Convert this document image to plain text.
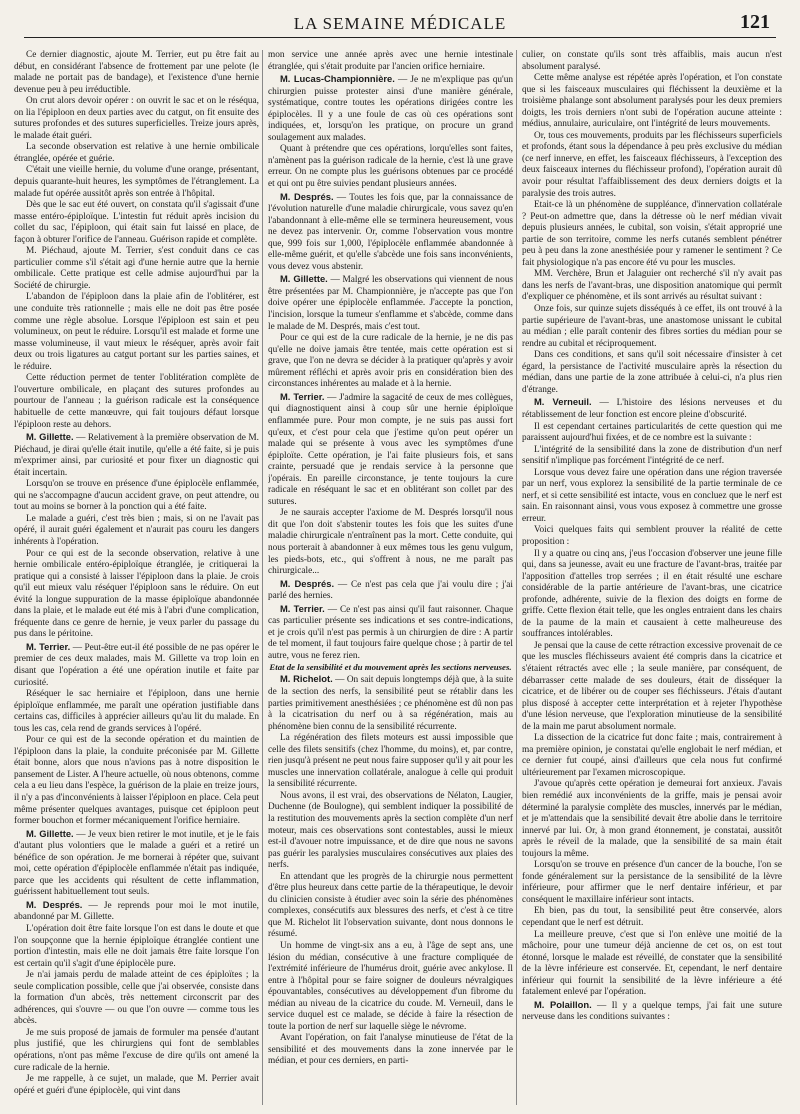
LA SEMAINE MÉDICALE	121

Ce dernier diagnostic, ajoute M. Terrier, eut pu être fait au début, en considérant l'absence de frottement par une pelote (le malade ne portait pas de bandage), et l'existence d'une hernie devenue peu à peu irréductible.

On crut alors devoir opérer : on ouvrit le sac et on le réséqua, on lia l'épiploon en deux parties avec du catgut, on fit ensuite des sutures profondes et des sutures superficielles. Treize jours après, le malade était guéri.

La seconde observation est relative à une hernie ombilicale étranglée, opérée et guérie.

C'était une vieille hernie, du volume d'une orange, présentant, depuis quarante-huit heures, les symptômes de l'étranglement. La malade fut opérée aussitôt après son entrée à l'hôpital.

Dès que le sac eut été ouvert, on constata qu'il s'agissait d'une masse entéro-épiploïque. L'intestin fut réduit après incision du collet du sac, l'épiploon, qui était sain fut laissé en place, de façon à obturer l'orifice de l'anneau. Guérison rapide et complète.

M. Piéchaud, ajoute M. Terrier, s'est conduit dans ce cas particulier comme s'il s'était agi d'une hernie autre que la hernie ombilicale. Cette pratique est celle admise aujourd'hui par la Société de chirurgie.

L'abandon de l'épiploon dans la plaie afin de l'oblitérer, est une conduite très rationnelle ; mais elle ne doit pas être posée comme une règle absolue. Lorsque l'épiploon est sain et peu volumineux, on peut le réduire. Lorsqu'il est malade et forme une masse volumineuse, il vaut mieux le réséquer, après avoir fait deux ou trois ligatures au catgut portant sur les parties saines, et le réduire.

Cette réduction permet de tenter l'oblitération complète de l'ouverture ombilicale, en plaçant des sutures profondes au pourtour de l'anneau ; la guérison radicale est la conséquence habituelle de cette manœuvre, qui fait toujours défaut lorsque l'épiploon reste au dehors.

M. Gillette. — Relativement à la première observation de M. Piéchaud, je dirai qu'elle était inutile, qu'elle a été faite, si je puis m'exprimer ainsi, par curiosité et pour fixer un diagnostic qui était incertain.

Lorsqu'on se trouve en présence d'une épiplocèle enflammée, qui ne s'accompagne d'aucun accident grave, on peut attendre, ou tout au moins se borner à la ponction qui a été faite.

Le malade a guéri, c'est très bien ; mais, si on ne l'avait pas opéré, il aurait guéri également et n'aurait pas couru les dangers inhérents à l'opération.

Pour ce qui est de la seconde observation, relative à une hernie ombilicale entéro-épiploïque étranglée, je critiquerai la pratique qui a consisté à laisser l'épiploon dans la plaie. Je crois qu'il eut mieux valu réséquer l'épiploon sans le réduire. On eut évité la longue suppuration de la masse épiploïque abandonnée dans la plaie, et le malade eut été mis à l'abri d'une complication, fréquente dans ce genre de hernie, je veux parler du passage du pus dans le péritoine.

M. Terrier. — Peut-être eut-il été possible de ne pas opérer le premier de ces deux malades, mais M. Gillette va trop loin en disant que l'opération a été une opération inutile et faite par curiosité.

Réséquer le sac herniaire et l'épiploon, dans une hernie épiploïque enflammée, me paraît une opération justifiable dans certains cas, difficiles à apprécier ailleurs qu'au lit du malade. En tous les cas, cela rend de grands services à l'opéré.

Pour ce qui est de la seconde opération et du maintien de l'épiploon dans la plaie, la conduite préconisée par M. Gillette était bonne, alors que nous n'avions pas à notre disposition le pansement de Lister. A l'heure actuelle, où nous obtenons, comme cela a eu lieu dans l'espèce, la guérison de la plaie en treize jours, il n'y a pas d'inconvénients à laisser l'épiploon en place. Cela peut même présenter quelques avantages, puisque cet épiploon peut former bouchon et former mécaniquement l'orifice herniaire.

M. Gillette. — Je veux bien retirer le mot inutile, et je le fais d'autant plus volontiers que le malade a guéri et a retiré un bénéfice de son opération. Je me bornerai à répéter que, suivant moi, cette opération d'épiplocèle enflammée n'était pas indiquée, parce que les accidents qui résultent de cette inflammation, guérissent habituellement tout seuls.

M. Després. — Je reprends pour moi le mot inutile, abandonné par M. Gillette.

L'opération doit être faite lorsque l'on est dans le doute et que l'on soupçonne que la hernie épiploïque étranglée contient une portion d'intestin, mais elle ne doit jamais être faite lorsque l'on est certain qu'il s'agit d'une épiplocèle pure.

Je n'ai jamais perdu de malade atteint de ces épiploïtes ; la seule complication possible, celle que j'ai observée, consiste dans la formation d'un abcès, très nettement circonscrit par des adhérences, qui s'ouvre — ou que l'on ouvre — comme tous les abcès.

Je me suis proposé de jamais de formuler ma pensée d'autant plus justifié, que les chirurgiens qui font de semblables opérations, n'ont pas même l'excuse de dire qu'ils ont amené la cure radicale de la hernie.

Je me rappelle, à ce sujet, un malade, que M. Perrier avait opéré et guéri d'une épiplocèle, qui vint dans

mon service une année après avec une hernie intestinale étranglée, qui s'était produite par l'ancien orifice herniaire.

M. Lucas-Championnière. — Je ne m'explique pas qu'un chirurgien puisse protester ainsi d'une manière générale, systématique, contre toutes les opérations dirigées contre les épiplocèles. Il y a une foule de cas où ces opérations sont indiquées, et, lorsqu'on les pratique, on procure un grand soulagement aux malades.

Quant à prétendre que ces opérations, lorqu'elles sont faites, n'amènent pas la guérison radicale de la hernie, c'est là une grave erreur. On ne compte plus les guérisons obtenues par ce procédé et qui ont pu être suivies pendant plusieurs années.

M. Després. — Toutes les fois que, par la connaissance de l'évolution naturelle d'une maladie chirurgicale, vous savez qu'en l'abandonnant à elle-même elle se terminera heureusement, vous ne devez pas intervenir. Or, comme l'observation vous montre que, 999 fois sur 1,000, l'épiplocèle enflammée abandonnée à elle-même guérit, et qu'elle s'abcède une fois sans inconvénients, vous devez vous abstenir.

M. Gillette. — Malgré les observations qui viennent de nous être présentées par M. Championnière, je n'accepte pas que l'on doive opérer une épiplocèle enflammée. J'accepte la ponction, l'incision, lorsque la tumeur s'enflamme et s'abcède, comme dans le malade de M. Després, mais c'est tout.

Pour ce qui est de la cure radicale de la hernie, je ne dis pas qu'elle ne doive jamais être tentée, mais cette opération est si grave, que l'on ne devra se décider à la pratiquer qu'après y avoir mûrement réfléchi et après avoir pris en considération bien des circonstances inhérentes au malade et à la hernie.

M. Terrier. — J'admire la sagacité de ceux de mes collègues, qui diagnostiquent ainsi à coup sûr une hernie épiploïque enflammée pure. Pour mon compte, je ne suis pas aussi fort qu'eux, et c'est pour cela que j'estime qu'on peut opérer un malade qui se présente à vous avec les symptômes d'une épiploïte. Cette opération, je l'ai faite plusieurs fois, et sans crainte, persuadé que je rendais service à la personne que j'opérais. En pareille circonstance, je tente toujours la cure radicale en réséquant le sac et en oblitérant son collet par des sutures.

Je ne saurais accepter l'axiome de M. Després lorsqu'il nous dit que l'on doit s'abstenir toutes les fois que les suites d'une maladie chirurgicale n'entraînent pas la mort. Cette conduite, qui nous porterait à abandonner à eux mêmes tous les genu vulgum, les pieds-bots, etc., qui s'offrent à nous, ne me paraît pas chirurgicale...

M. Després. — Ce n'est pas cela que j'ai voulu dire ; j'ai parlé des hernies.

M. Terrier. — Ce n'est pas ainsi qu'il faut raisonner. Chaque cas particulier présente ses indications et ses contre-indications, et je crois qu'il n'est pas permis à un chirurgien de dire : A partir de tel moment, il faut toujours faire quelque chose ; à partir de tel autre, vous ne ferez rien.

Etat de la sensibilité et du mouvement après les sections nerveuses.

M. Richelot. — On sait depuis longtemps déjà que, à la suite de la section des nerfs, la sensibilité peut se rétablir dans les parties primitivement anesthésiées ; ce phénomène est dû non pas à la cicatrisation du nerf ou à sa régénération, mais au phénomène bien connu de la sensibilité récurrente.

La régénération des filets moteurs est aussi impossible que celle des filets sensitifs (chez l'homme, du moins), et, par contre, rien jusqu'à présent ne peut nous faire supposer qu'il y ait pour les muscles une innervation collatérale, analogue à celle qui produit la sensibilité récurrente.

Nous avons, il est vrai, des observations de Nélaton, Laugier, Duchenne (de Boulogne), qui semblent indiquer la possibilité de la restitution des mouvements après la section complète d'un nerf moteur, mais ces observations sont contestables, aussi le mieux est-il d'avouer notre impuissance, et de dire que nous ne savons pas guérir les paralysies musculaires consécutives aux plaies des nerfs.

En attendant que les progrès de la chirurgie nous permettent d'être plus heureux dans cette partie de la thérapeutique, le devoir du clinicien consiste à étudier avec soin la série des phénomènes complexes, consécutifs aux blessures des nerfs, et c'est à ce titre que M. Richelot lit l'observation suivante, dont nous donnons le résumé.

Un homme de vingt-six ans a eu, à l'âge de sept ans, une lésion du médian, consécutive à une fracture compliquée de l'extrémité inférieure de l'humérus droit, guérie avec ankylose. Il entre à l'hôpital pour se faire soigner de douleurs névralgiques épouvantables, consécutives au développement d'un fibrome du médian au niveau de la cicatrice du coude. M. Verneuil, dans le service duquel est ce malade, se décide à faire la résection de toute la portion de nerf sur laquelle siège le névrome.

Avant l'opération, on fait l'analyse minutieuse de l'état de la sensibilité et des mouvements dans la zone innervée par le médian, et pour ces derniers, en parti-

culier, on constate qu'ils sont très affaiblis, mais aucun n'est absolument paralysé.

Cette même analyse est répétée après l'opération, et l'on constate que si les faisceaux musculaires qui fléchissent la deuxième et la troisième phalange sont absolument paralysés pour les deux premiers doigts, les trois derniers n'ont subi de l'opération aucune atteinte : médius, annulaire, auriculaire, ont l'intégrité de leurs mouvements.

Or, tous ces mouvements, produits par les fléchisseurs superficiels et profonds, étant sous la dépendance à peu près exclusive du médian (ce nerf innerve, en effet, les faisceaux fléchisseurs, à l'exception des deux faisceaux internes du fléchisseur profond), l'opération aurait dû avoir pour résultat l'affaiblissement des deux derniers doigts et la paralysie des trois autres.

Etait-ce là un phénomène de suppléance, d'innervation collatérale ? Peut-on admettre que, dans la détresse où le nerf médian vivait depuis plusieurs années, le cubital, son voisin, s'était approprié une partie de son territoire, comme les nerfs cutanés semblent pénétrer peu à peu dans la zone anesthésiée pour y ramener le sentiment ? Ce fait physiologique n'a pas encore été vu pour les muscles.

MM. Verchère, Brun et Jalaguier ont recherché s'il n'y avait pas dans les nerfs de l'avant-bras, une disposition anatomique qui permît d'expliquer ce phénomène, et ils sont arrivés au résultat suivant :

Onze fois, sur quinze sujets disséqués à ce effet, ils ont trouvé à la partie supérieure de l'avant-bras, une anastomose unissant le cubital au médian ; elle paraît contenir des fibres sorties du médian pour se rendre au cubital et réciproquement.

Dans ces conditions, et sans qu'il soit nécessaire d'insister à cet égard, la persistance de l'activité musculaire après la résection du médian, dans une partie de la zone attribuée à celui-ci, n'a plus rien d'étrange.

M. Verneuil. — L'histoire des lésions nerveuses et du rétablissement de leur fonction est encore pleine d'obscurité.

Il est cependant certaines particularités de cette question qui me paraissent aujourd'hui fixées, et de ce nombre est la suivante :

L'intégrité de la sensibilité dans la zone de distribution d'un nerf sensitif n'implique pas forcément l'intégrité de ce nerf.

Lorsque vous devez faire une opération dans une région traversée par un nerf, vous explorez la sensibilité de la partie terminale de ce nerf, et si cette sensibilité est intacte, vous en concluez que le nerf est sain. En raisonnant ainsi, vous vous exposez à commettre une grosse erreur.

Voici quelques faits qui semblent prouver la réalité de cette proposition :

Il y a quatre ou cinq ans, j'eus l'occasion d'observer une jeune fille qui, dans sa jeunesse, avait eu une fracture de l'avant-bras, traitée par l'apposition d'attelles trop serrées ; il en était résulté une eschare considérable de la partie antérieure de l'avant-bras, une cicatrice profonde, adhérente, suivie de la flexion des doigts en forme de griffe. Cette flexion était telle, que les ongles entraient dans les chairs de la paume de la main et causaient à cette malheureuse des souffrances intolérables.

Je pensai que la cause de cette rétraction excessive provenait de ce que les muscles fléchisseurs avaient été compris dans la cicatrice et s'étaient rétractés avec elle ; la seule manière, par conséquent, de débarrasser cette malade de ses douleurs, était de disséquer la cicatrice, et de libérer ou de couper ses fléchisseurs. J'étais d'autant plus disposé à accepter cette interprétation et à rejeter l'hypothèse d'une lésion nerveuse, que l'exploration minutieuse de la sensibilité de la main me parut absolument normale.

La dissection de la cicatrice fut donc faite ; mais, contrairement à ma première opinion, je constatai qu'elle englobait le nerf médian, et ce dernier fut coupé, ainsi d'ailleurs que cela nous fut confirmé ultérieurement par l'examen microscopique.

J'avoue qu'après cette opération je demeurai fort anxieux. J'avais bien remédié aux inconvénients de la griffe, mais je pensai avoir déterminé la paralysie complète des muscles, innervés par le médian, et je m'attendais que la sensibilité devait être abolie dans le territoire innervé par lui. Or, à mon grand étonnement, je constatai, aussitôt après le réveil de la malade, que la sensibilité de sa main était toujours la même.

Lorsqu'on se trouve en présence d'un cancer de la bouche, l'on se fonde généralement sur la persistance de la sensibilité de la lèvre inférieure, pour affirmer que le nerf dentaire inférieur, et par conséquent le maxillaire inférieur sont intacts.

Eh bien, pas du tout, la sensibilité peut être conservée, alors cependant que le nerf est détruit.

La meilleure preuve, c'est que si l'on enlève une moitié de la mâchoire, pour une tumeur déjà ancienne de cet os, on est tout étonné, lorsque le malade est réveillé, de constater que la sensibilité de la lèvre inférieure est conservée. Et, cependant, le nerf dentaire inférieur qui fournit la sensibilité de la lèvre inférieure a été fatalement enlevé par l'opération.

M. Polaillon. — Il y a quelque temps, j'ai fait une suture nerveuse dans les conditions suivantes :
